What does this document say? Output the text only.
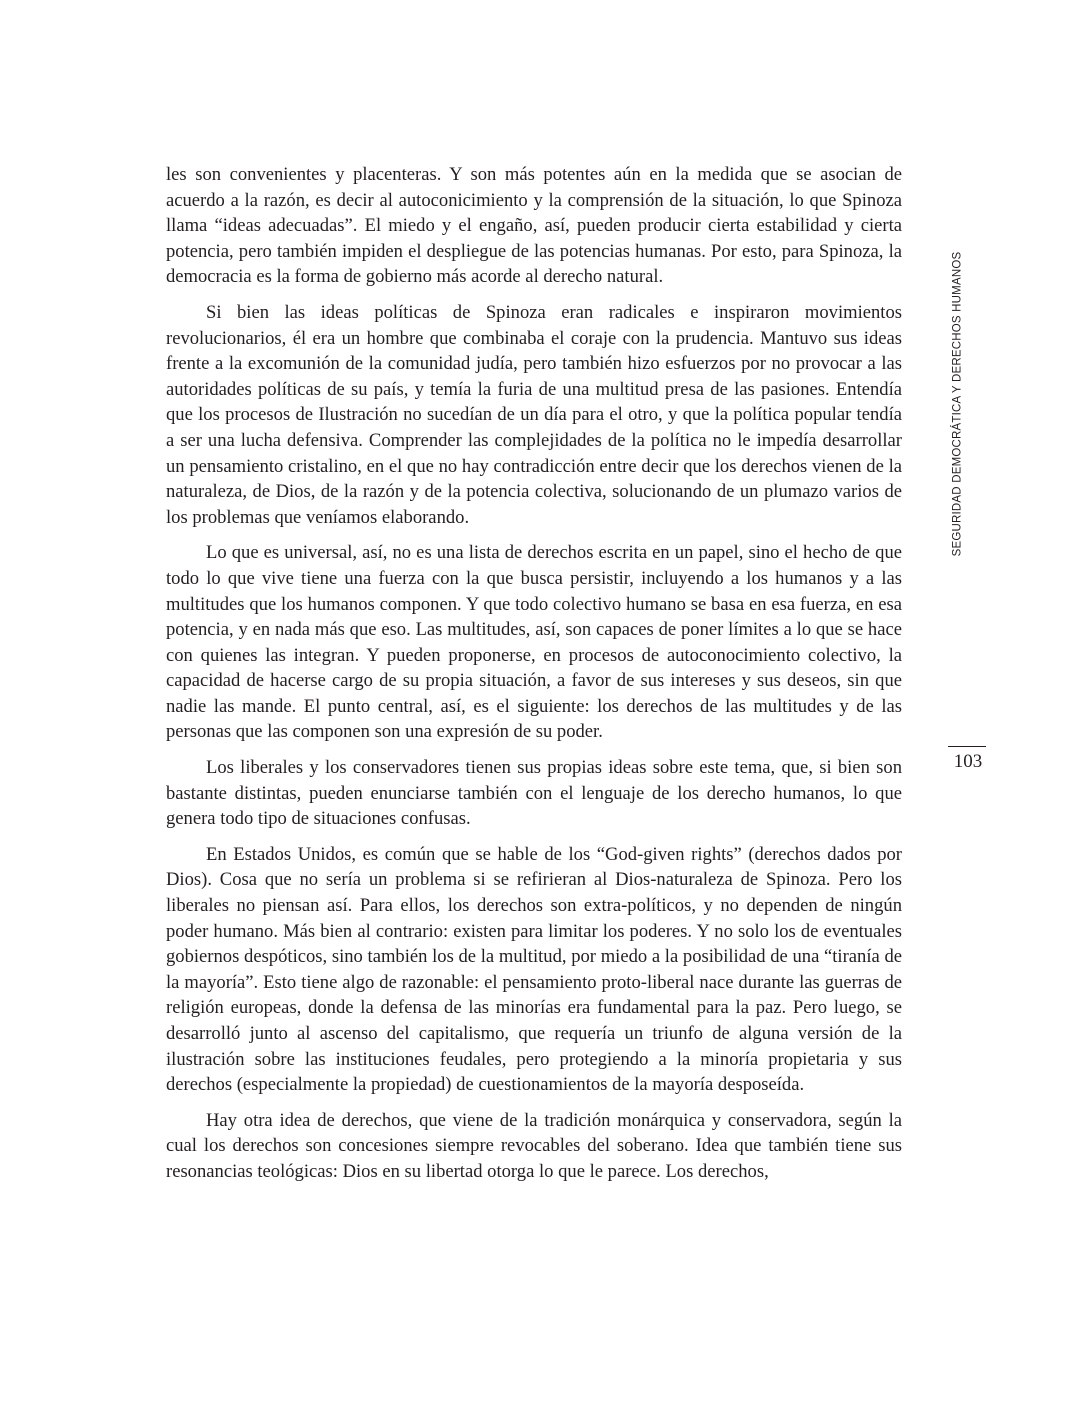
les son convenientes y placenteras. Y son más potentes aún en la medida que se asocian de acuerdo a la razón, es decir al autoconicimiento y la comprensión de la situación, lo que Spinoza llama “ideas adecuadas”. El miedo y el engaño, así, pueden producir cierta estabilidad y cierta potencia, pero también impiden el despliegue de las potencias humanas. Por esto, para Spinoza, la democracia es la forma de gobierno más acorde al derecho natural.

Si bien las ideas políticas de Spinoza eran radicales e inspiraron movimientos revolucionarios, él era un hombre que combinaba el coraje con la prudencia. Mantuvo sus ideas frente a la excomunión de la comunidad judía, pero también hizo esfuerzos por no provocar a las autoridades políticas de su país, y temía la furia de una multitud presa de las pasiones. Entendía que los procesos de Ilustración no sucedían de un día para el otro, y que la política popular tendía a ser una lucha defensiva. Comprender las complejidades de la política no le impedía desarrollar un pensamiento cristalino, en el que no hay contradicción entre decir que los derechos vienen de la naturaleza, de Dios, de la razón y de la potencia colectiva, solucionando de un plumazo varios de los problemas que veníamos elaborando.

Lo que es universal, así, no es una lista de derechos escrita en un papel, sino el hecho de que todo lo que vive tiene una fuerza con la que busca persistir, incluyendo a los humanos y a las multitudes que los humanos componen. Y que todo colectivo humano se basa en esa fuerza, en esa potencia, y en nada más que eso. Las multitudes, así, son capaces de poner límites a lo que se hace con quienes las integran. Y pueden proponerse, en procesos de autoconocimiento colectivo, la capacidad de hacerse cargo de su propia situación, a favor de sus intereses y sus deseos, sin que nadie las mande. El punto central, así, es el siguiente: los derechos de las multitudes y de las personas que las componen son una expresión de su poder.

Los liberales y los conservadores tienen sus propias ideas sobre este tema, que, si bien son bastante distintas, pueden enunciarse también con el lenguaje de los derecho humanos, lo que genera todo tipo de situaciones confusas.

En Estados Unidos, es común que se hable de los “God-given rights” (derechos dados por Dios). Cosa que no sería un problema si se refirieran al Dios-naturaleza de Spinoza. Pero los liberales no piensan así. Para ellos, los derechos son extra-políticos, y no dependen de ningún poder humano. Más bien al contrario: existen para limitar los poderes. Y no solo los de eventuales gobiernos despóticos, sino también los de la multitud, por miedo a la posibilidad de una “tiranía de la mayoría”. Esto tiene algo de razonable: el pensamiento proto-liberal nace durante las guerras de religión europeas, donde la defensa de las minorías era fundamental para la paz. Pero luego, se desarrolló junto al ascenso del capitalismo, que requería un triunfo de alguna versión de la ilustración sobre las instituciones feudales, pero protegiendo a la minoría propietaria y sus derechos (especialmente la propiedad) de cuestionamientos de la mayoría desposeída.

Hay otra idea de derechos, que viene de la tradición monárquica y conservadora, según la cual los derechos son concesiones siempre revocables del soberano. Idea que también tiene sus resonancias teológicas: Dios en su libertad otorga lo que le parece. Los derechos,

SEGURIDAD DEMOCRÁTICA Y DERECHOS HUMANOS
103
